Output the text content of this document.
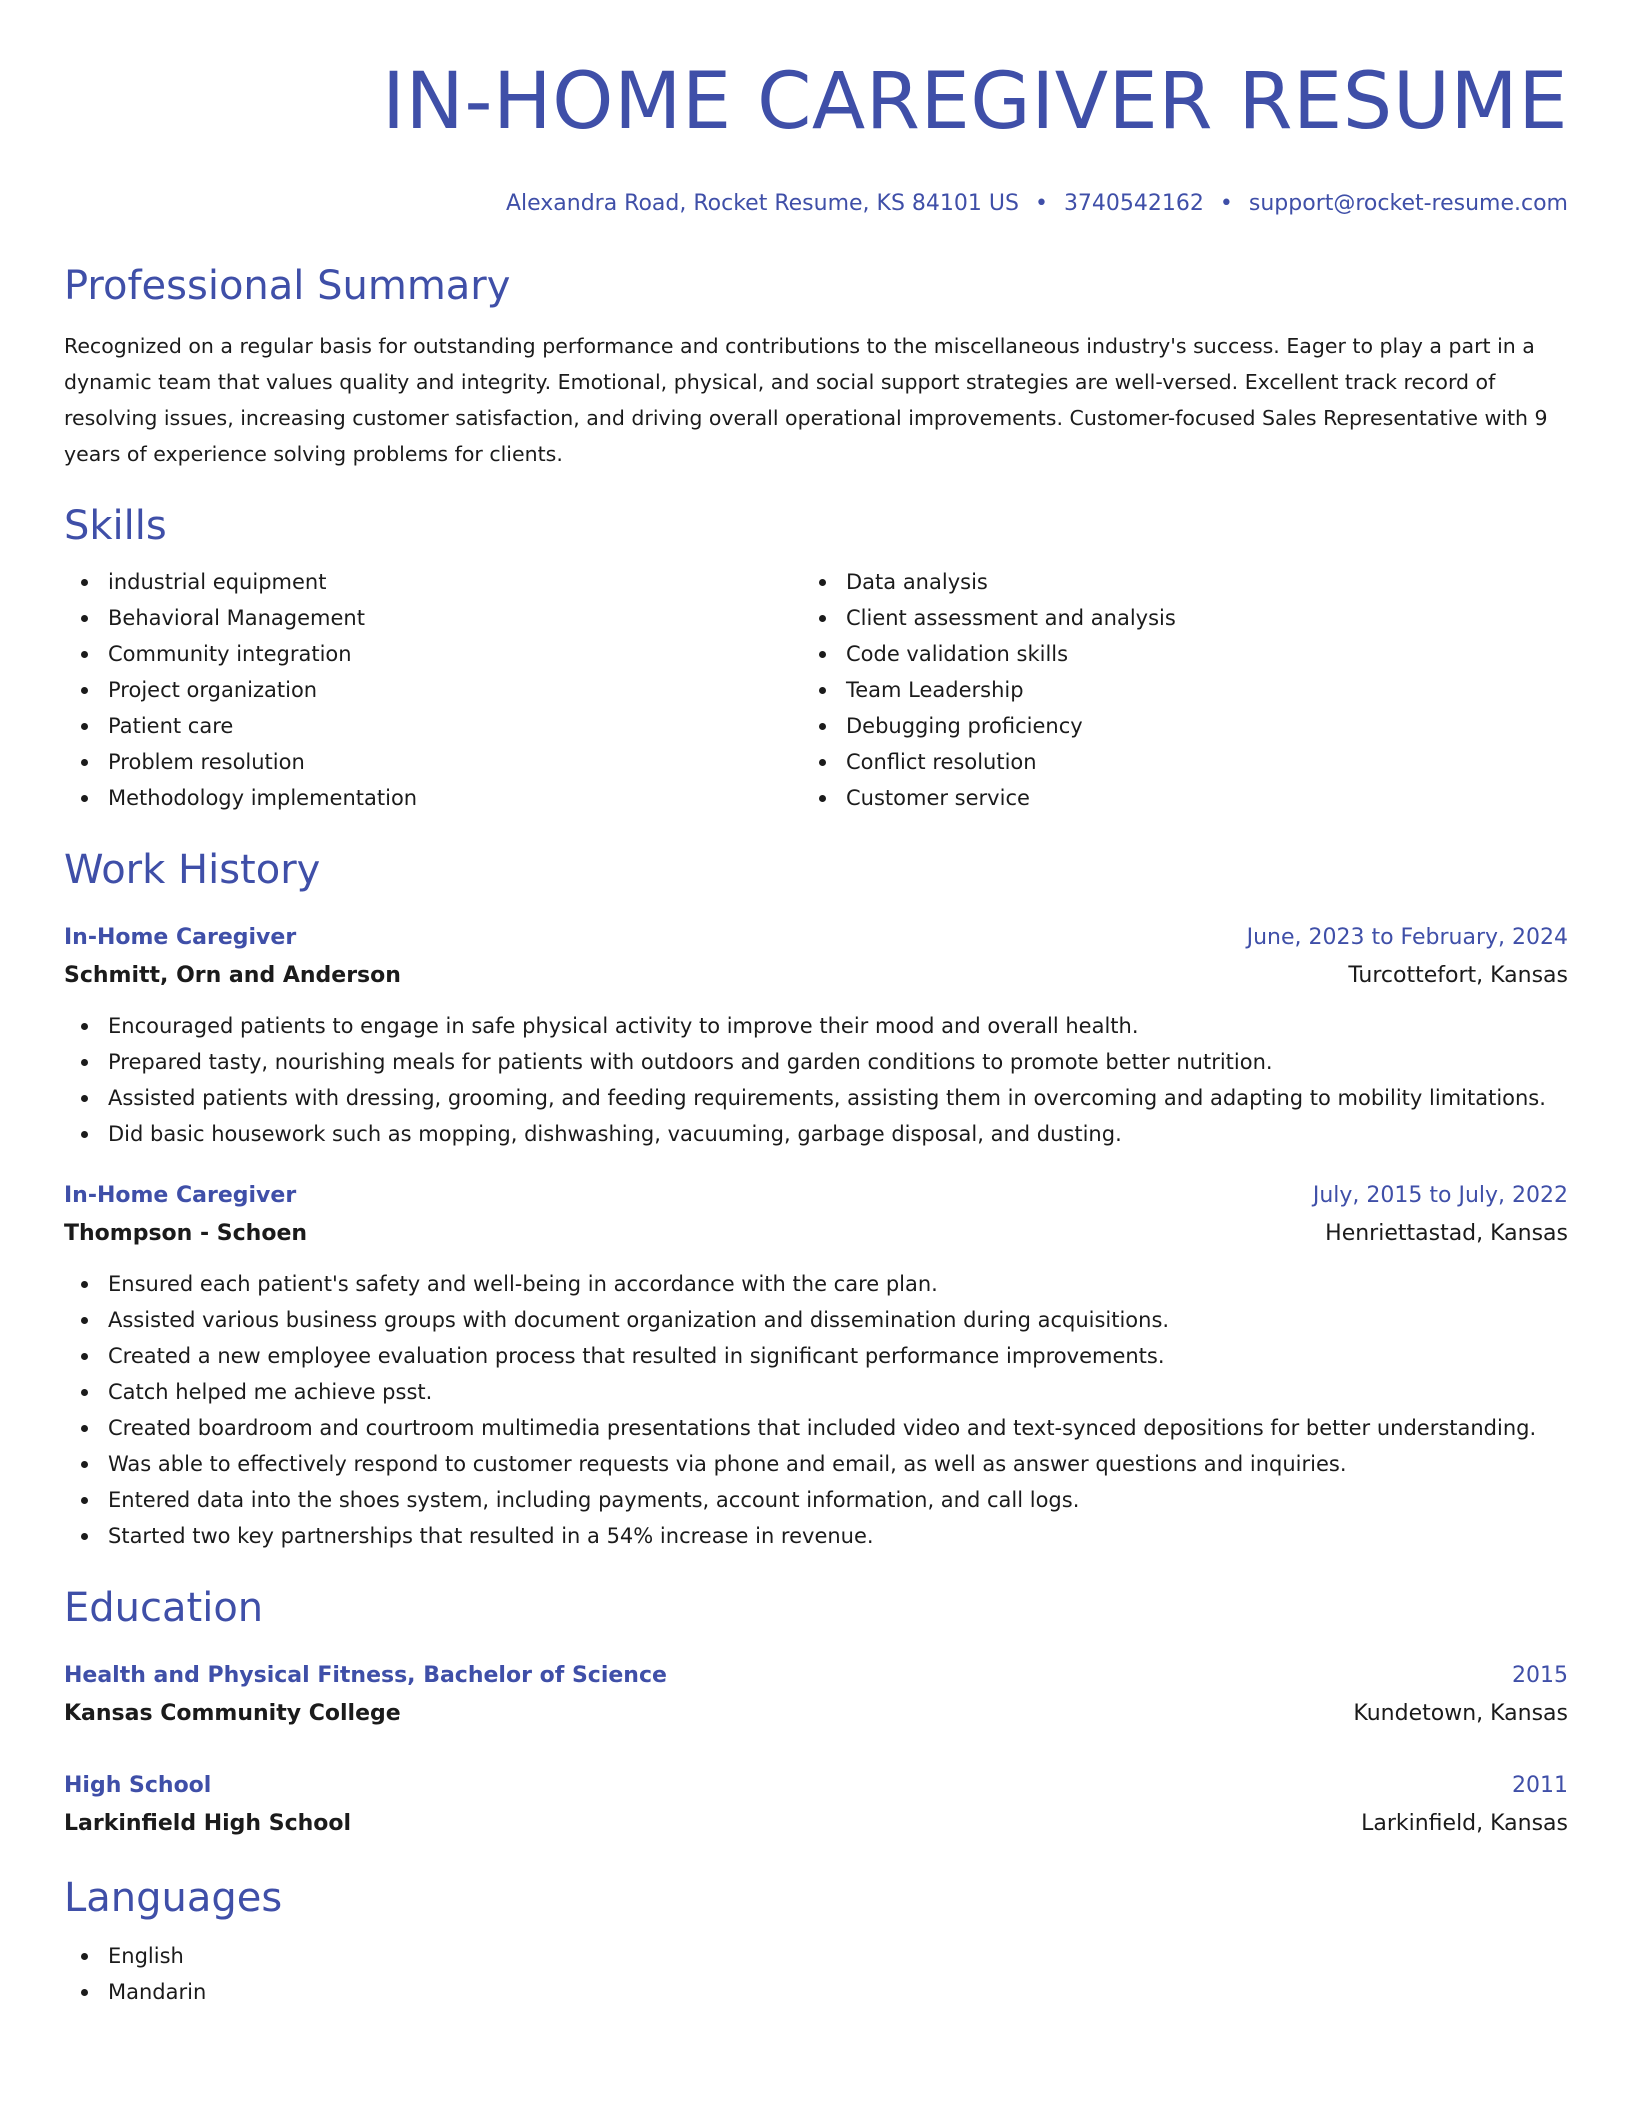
IN-HOME CAREGIVER RESUME
Alexandra Road, Rocket Resume, KS 84101 US • 3740542162 • support@rocket-resume.com
Professional Summary

Recognized on a regular basis for outstanding performance and contributions to the miscellaneous industry's success. Eager to play a part in a dynamic team that values quality and integrity. Emotional, physical, and social support strategies are well-versed. Excellent track record of resolving issues, increasing customer satisfaction, and driving overall operational improvements. Customer-focused Sales Representative with 9 years of experience solving problems for clients.

Skills
industrial equipment
Behavioral Management
Community integration
Project organization
Patient care
Problem resolution
Methodology implementation
Data analysis
Client assessment and analysis
Code validation skills
Team Leadership
Debugging proficiency
Conflict resolution
Customer service
Work History
In-Home Caregiver	June, 2023 to February, 2024
Schmitt, Orn and Anderson	Turcottefort, Kansas
Encouraged patients to engage in safe physical activity to improve their mood and overall health.
Prepared tasty, nourishing meals for patients with outdoors and garden conditions to promote better nutrition.
Assisted patients with dressing, grooming, and feeding requirements, assisting them in overcoming and adapting to mobility limitations.
Did basic housework such as mopping, dishwashing, vacuuming, garbage disposal, and dusting.
In-Home Caregiver	July, 2015 to July, 2022
Thompson - Schoen	Henriettastad, Kansas
Ensured each patient's safety and well-being in accordance with the care plan.
Assisted various business groups with document organization and dissemination during acquisitions.
Created a new employee evaluation process that resulted in significant performance improvements.
Catch helped me achieve psst.
Created boardroom and courtroom multimedia presentations that included video and text-synced depositions for better understanding.
Was able to effectively respond to customer requests via phone and email, as well as answer questions and inquiries.
Entered data into the shoes system, including payments, account information, and call logs.
Started two key partnerships that resulted in a 54% increase in revenue.
Education
Health and Physical Fitness, Bachelor of Science	2015
Kansas Community College	Kundetown, Kansas
High School	2011
Larkinfield High School	Larkinfield, Kansas
Languages
English
Mandarin
